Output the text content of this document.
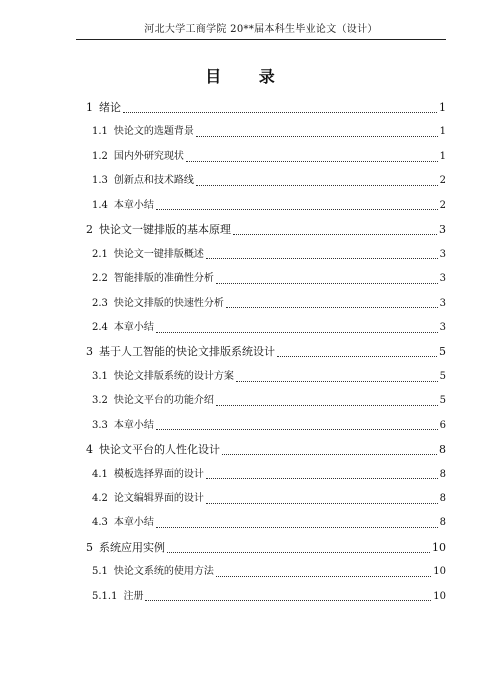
河北大学工商学院 20**届本科生毕业论文（设计）
目 录
1 绪论	1
1.1 快论文的选题背景	1
1.2 国内外研究现状	1
1.3 创新点和技术路线	2
1.4 本章小结	2
2 快论文一键排版的基本原理	3
2.1 快论文一键排版概述	3
2.2 智能排版的准确性分析	3
2.3 快论文排版的快速性分析	3
2.4 本章小结	3
3 基于人工智能的快论文排版系统设计	5
3.1 快论文排版系统的设计方案	5
3.2 快论文平台的功能介绍	5
3.3 本章小结	6
4 快论文平台的人性化设计	8
4.1 模板选择界面的设计	8
4.2 论文编辑界面的设计	8
4.3 本章小结	8
5 系统应用实例	10
5.1 快论文系统的使用方法	10
5.1.1 注册	10
